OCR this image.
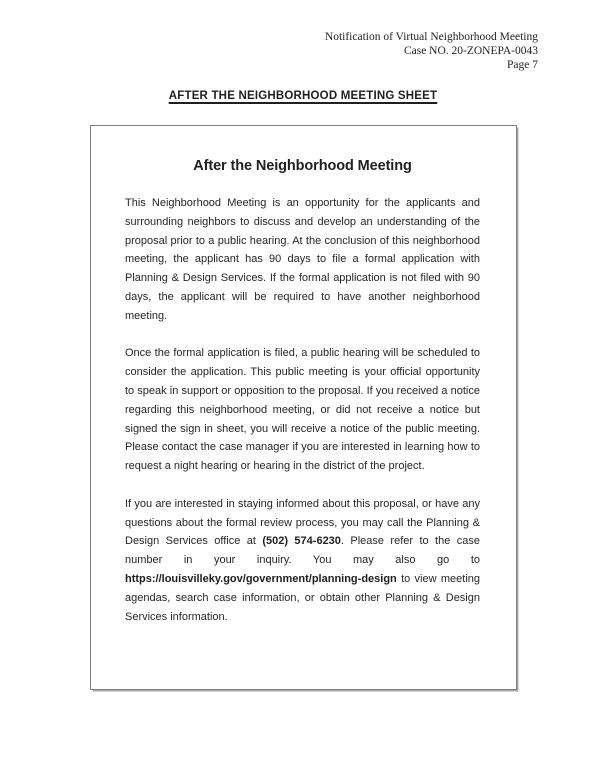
Notification of Virtual Neighborhood Meeting
Case NO. 20-ZONEPA-0043
Page 7
AFTER THE NEIGHBORHOOD MEETING SHEET
After the Neighborhood Meeting

This Neighborhood Meeting is an opportunity for the applicants and surrounding neighbors to discuss and develop an understanding of the proposal prior to a public hearing. At the conclusion of this neighborhood meeting, the applicant has 90 days to file a formal application with Planning & Design Services. If the formal application is not filed with 90 days, the applicant will be required to have another neighborhood meeting.

Once the formal application is filed, a public hearing will be scheduled to consider the application. This public meeting is your official opportunity to speak in support or opposition to the proposal. If you received a notice regarding this neighborhood meeting, or did not receive a notice but signed the sign in sheet, you will receive a notice of the public meeting. Please contact the case manager if you are interested in learning how to request a night hearing or hearing in the district of the project.

If you are interested in staying informed about this proposal, or have any questions about the formal review process, you may call the Planning & Design Services office at (502) 574-6230. Please refer to the case number in your inquiry. You may also go to https://louisvilleky.gov/government/planning-design to view meeting agendas, search case information, or obtain other Planning & Design Services information.
